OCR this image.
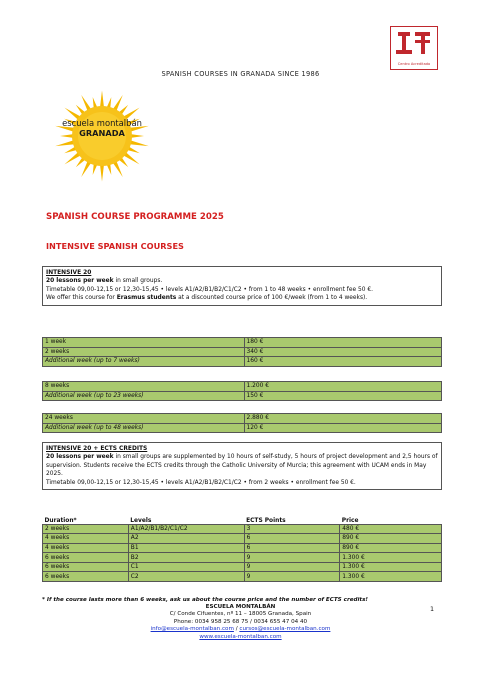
Centro Acreditado
SPANISH COURSES IN GRANADA SINCE 1986
escuela montalbán
GRANADA
SPANISH COURSE PROGRAMME 2025
INTENSIVE SPANISH COURSES
INTENSIVE 20
20 lessons per week in small groups.
Timetable 09,00-12,15 or 12,30-15,45 • levels A1/A2/B1/B2/C1/C2 • from 1 to 48 weeks • enrollment fee 50 €.
We offer this course for Erasmus students at a discounted course price of 100 €/week (from 1 to 4 weeks).
1 week	180 €
2 weeks	340 €
Additional week (up to 7 weeks)	160 €
8 weeks	1.200 €
Additional week (up to 23 weeks)	150 €
24 weeks	2.880 €
Additional week (up to 48 weeks)	120 €
INTENSIVE 20 + ECTS CREDITS
20 lessons per week in small groups are supplemented by 10 hours of self-study, 5 hours of project development and 2,5 hours of supervision. Students receive the ECTS credits through the Catholic University of Murcia; this agreement with UCAM ends in May 2025.
Timetable 09,00-12,15 or 12,30-15,45 • levels A1/A2/B1/B2/C1/C2 • from 2 weeks • enrollment fee 50 €.
Duration*	Levels	ECTS Points	Price
2 weeks	A1/A2/B1/B2/C1/C2	3	480 €
4 weeks	A2	6	890 €
4 weeks	B1	6	890 €
6 weeks	B2	9	1.300 €
6 weeks	C1	9	1.300 €
6 weeks	C2	9	1.300 €
* If the course lasts more than 6 weeks, ask us about the course price and the number of ECTS credits!
1
ESCUELA MONTALBÁN
C/ Conde Cifuentes, nº 11 – 18005 Granada, Spain
Phone: 0034 958 25 68 75 / 0034 655 47 04 40
info@escuela-montalban.com / cursos@escuela-montalban.com
www.escuela-montalban.com
